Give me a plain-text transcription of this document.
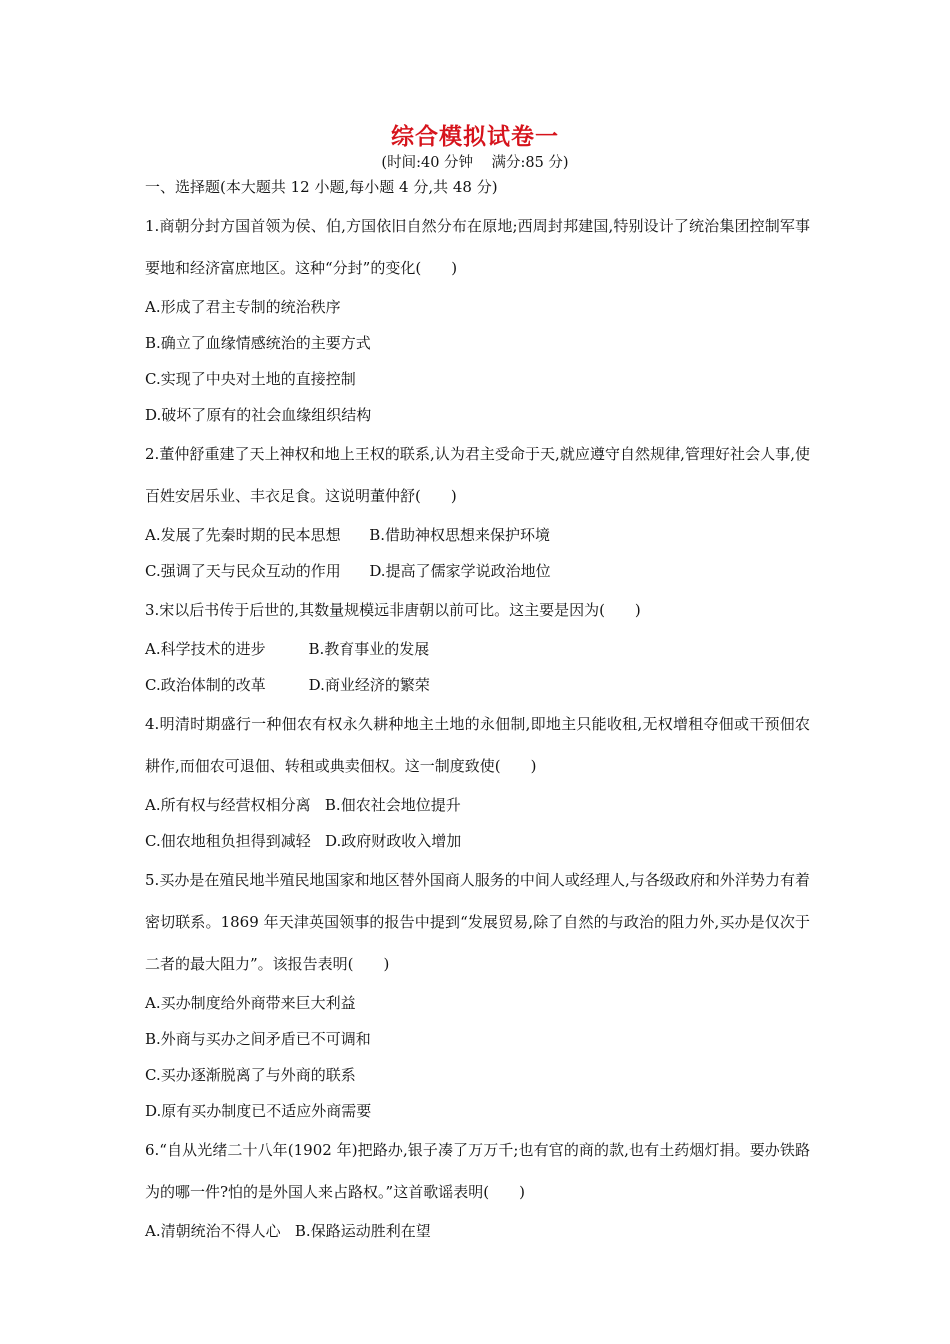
综合模拟试卷一
(时间:40 分钟    满分:85 分)
一、选择题(本大题共 12 小题,每小题 4 分,共 48 分)

1.商朝分封方国首领为侯、伯,方国依旧自然分布在原地;西周封邦建国,特别设计了统治集团控制军事要地和经济富庶地区。这种“分封”的变化(　　)

A.形成了君主专制的统治秩序

B.确立了血缘情感统治的主要方式

C.实现了中央对土地的直接控制

D.破坏了原有的社会血缘组织结构

2.董仲舒重建了天上神权和地上王权的联系,认为君主受命于天,就应遵守自然规律,管理好社会人事,使百姓安居乐业、丰衣足食。这说明董仲舒(　　)

A.发展了先秦时期的民本思想      B.借助神权思想来保护环境

C.强调了天与民众互动的作用      D.提高了儒家学说政治地位

3.宋以后书传于后世的,其数量规模远非唐朝以前可比。这主要是因为(　　)

A.科学技术的进步         B.教育事业的发展

C.政治体制的改革         D.商业经济的繁荣

4.明清时期盛行一种佃农有权永久耕种地主土地的永佃制,即地主只能收租,无权增租夺佃或干预佃农耕作,而佃农可退佃、转租或典卖佃权。这一制度致使(　　)

A.所有权与经营权相分离   B.佃农社会地位提升

C.佃农地租负担得到减轻   D.政府财政收入增加

5.买办是在殖民地半殖民地国家和地区替外国商人服务的中间人或经理人,与各级政府和外洋势力有着密切联系。1869 年天津英国领事的报告中提到“发展贸易,除了自然的与政治的阻力外,买办是仅次于二者的最大阻力”。该报告表明(　　)

A.买办制度给外商带来巨大利益

B.外商与买办之间矛盾已不可调和

C.买办逐渐脱离了与外商的联系

D.原有买办制度已不适应外商需要

6.“自从光绪二十八年(1902 年)把路办,银子凑了万万千;也有官的商的款,也有土药烟灯捐。要办铁路为的哪一件?怕的是外国人来占路权。”这首歌谣表明(　　)

A.清朝统治不得人心   B.保路运动胜利在望
